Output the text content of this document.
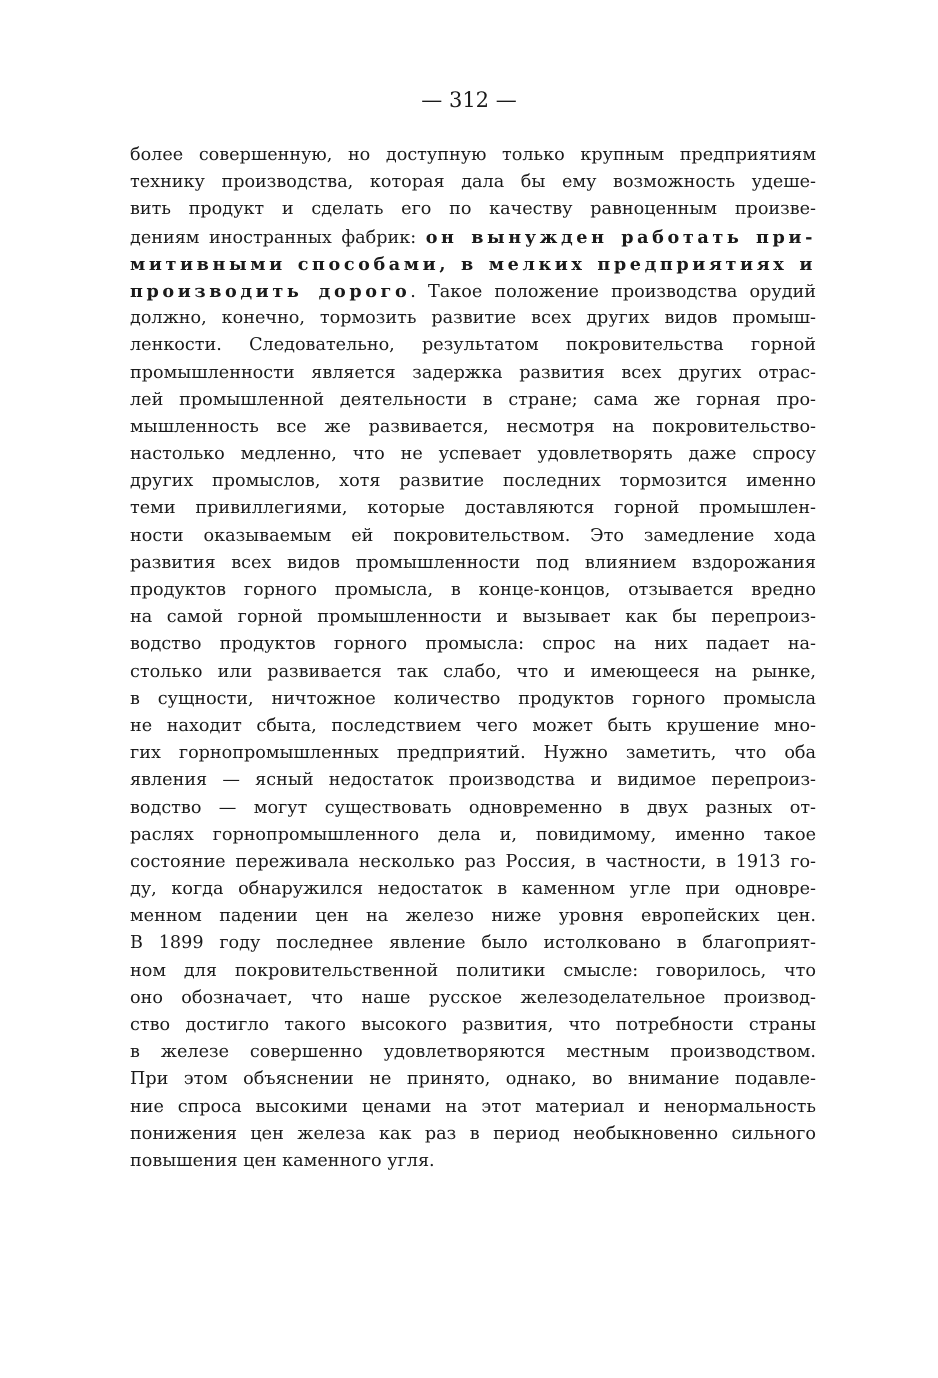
— 312 —
более совершенную, но доступную только крупным предприятиям
технику производства, которая дала бы ему возможность удеше-
вить продукт и сделать его по качеству равноценным произве-
дениям иностранных фабрик: он вынужден работать при-
митивными способами, в мелких предприятиях и
производить дорого. Такое положение производства орудий
должно, конечно, тормозить развитие всех других видов промыш-
ленкости. Следовательно, результатом покровительства горной
промышленности является задержка развития всех других отрас-
лей промышленной деятельности в стране; сама же горная про-
мышленность все же развивается, несмотря на покровительство-
настолько медленно, что не успевает удовлетворять даже спросу
других промыслов, хотя развитие последних тормозится именно
теми привиллегиями, которые доставляются горной промышлен-
ности оказываемым ей покровительством. Это замедление хода
развития всех видов промышленности под влиянием вздорожания
продуктов горного промысла, в конце-концов, отзывается вредно
на самой горной промышленности и вызывает как бы перепроиз-
водство продуктов горного промысла: спрос на них падает на-
столько или развивается так слабо, что и имеющееся на рынке,
в сущности, ничтожное количество продуктов горного промысла
не находит сбыта, последствием чего может быть крушение мно-
гих горнопромышленных предприятий. Нужно заметить, что оба
явления — ясный недостаток производства и видимое перепроиз-
водство — могут существовать одновременно в двух разных от-
раслях горнопромышленного дела и, повидимому, именно такое
состояние переживала несколько раз Россия, в частности, в 1913 го-
ду, когда обнаружился недостаток в каменном угле при одновре-
менном падении цен на железо ниже уровня европейских цен.
В 1899 году последнее явление было истолковано в благоприят-
ном для покровительственной политики смысле: говорилось, что
оно обозначает, что наше русское железоделательное производ-
ство достигло такого высокого развития, что потребности страны
в железе совершенно удовлетворяются местным производством.
При этом объяснении не принято, однако, во внимание подавле-
ние спроса высокими ценами на этот материал и ненормальность
понижения цен железа как раз в период необыкновенно сильного
повышения цен каменного угля.
